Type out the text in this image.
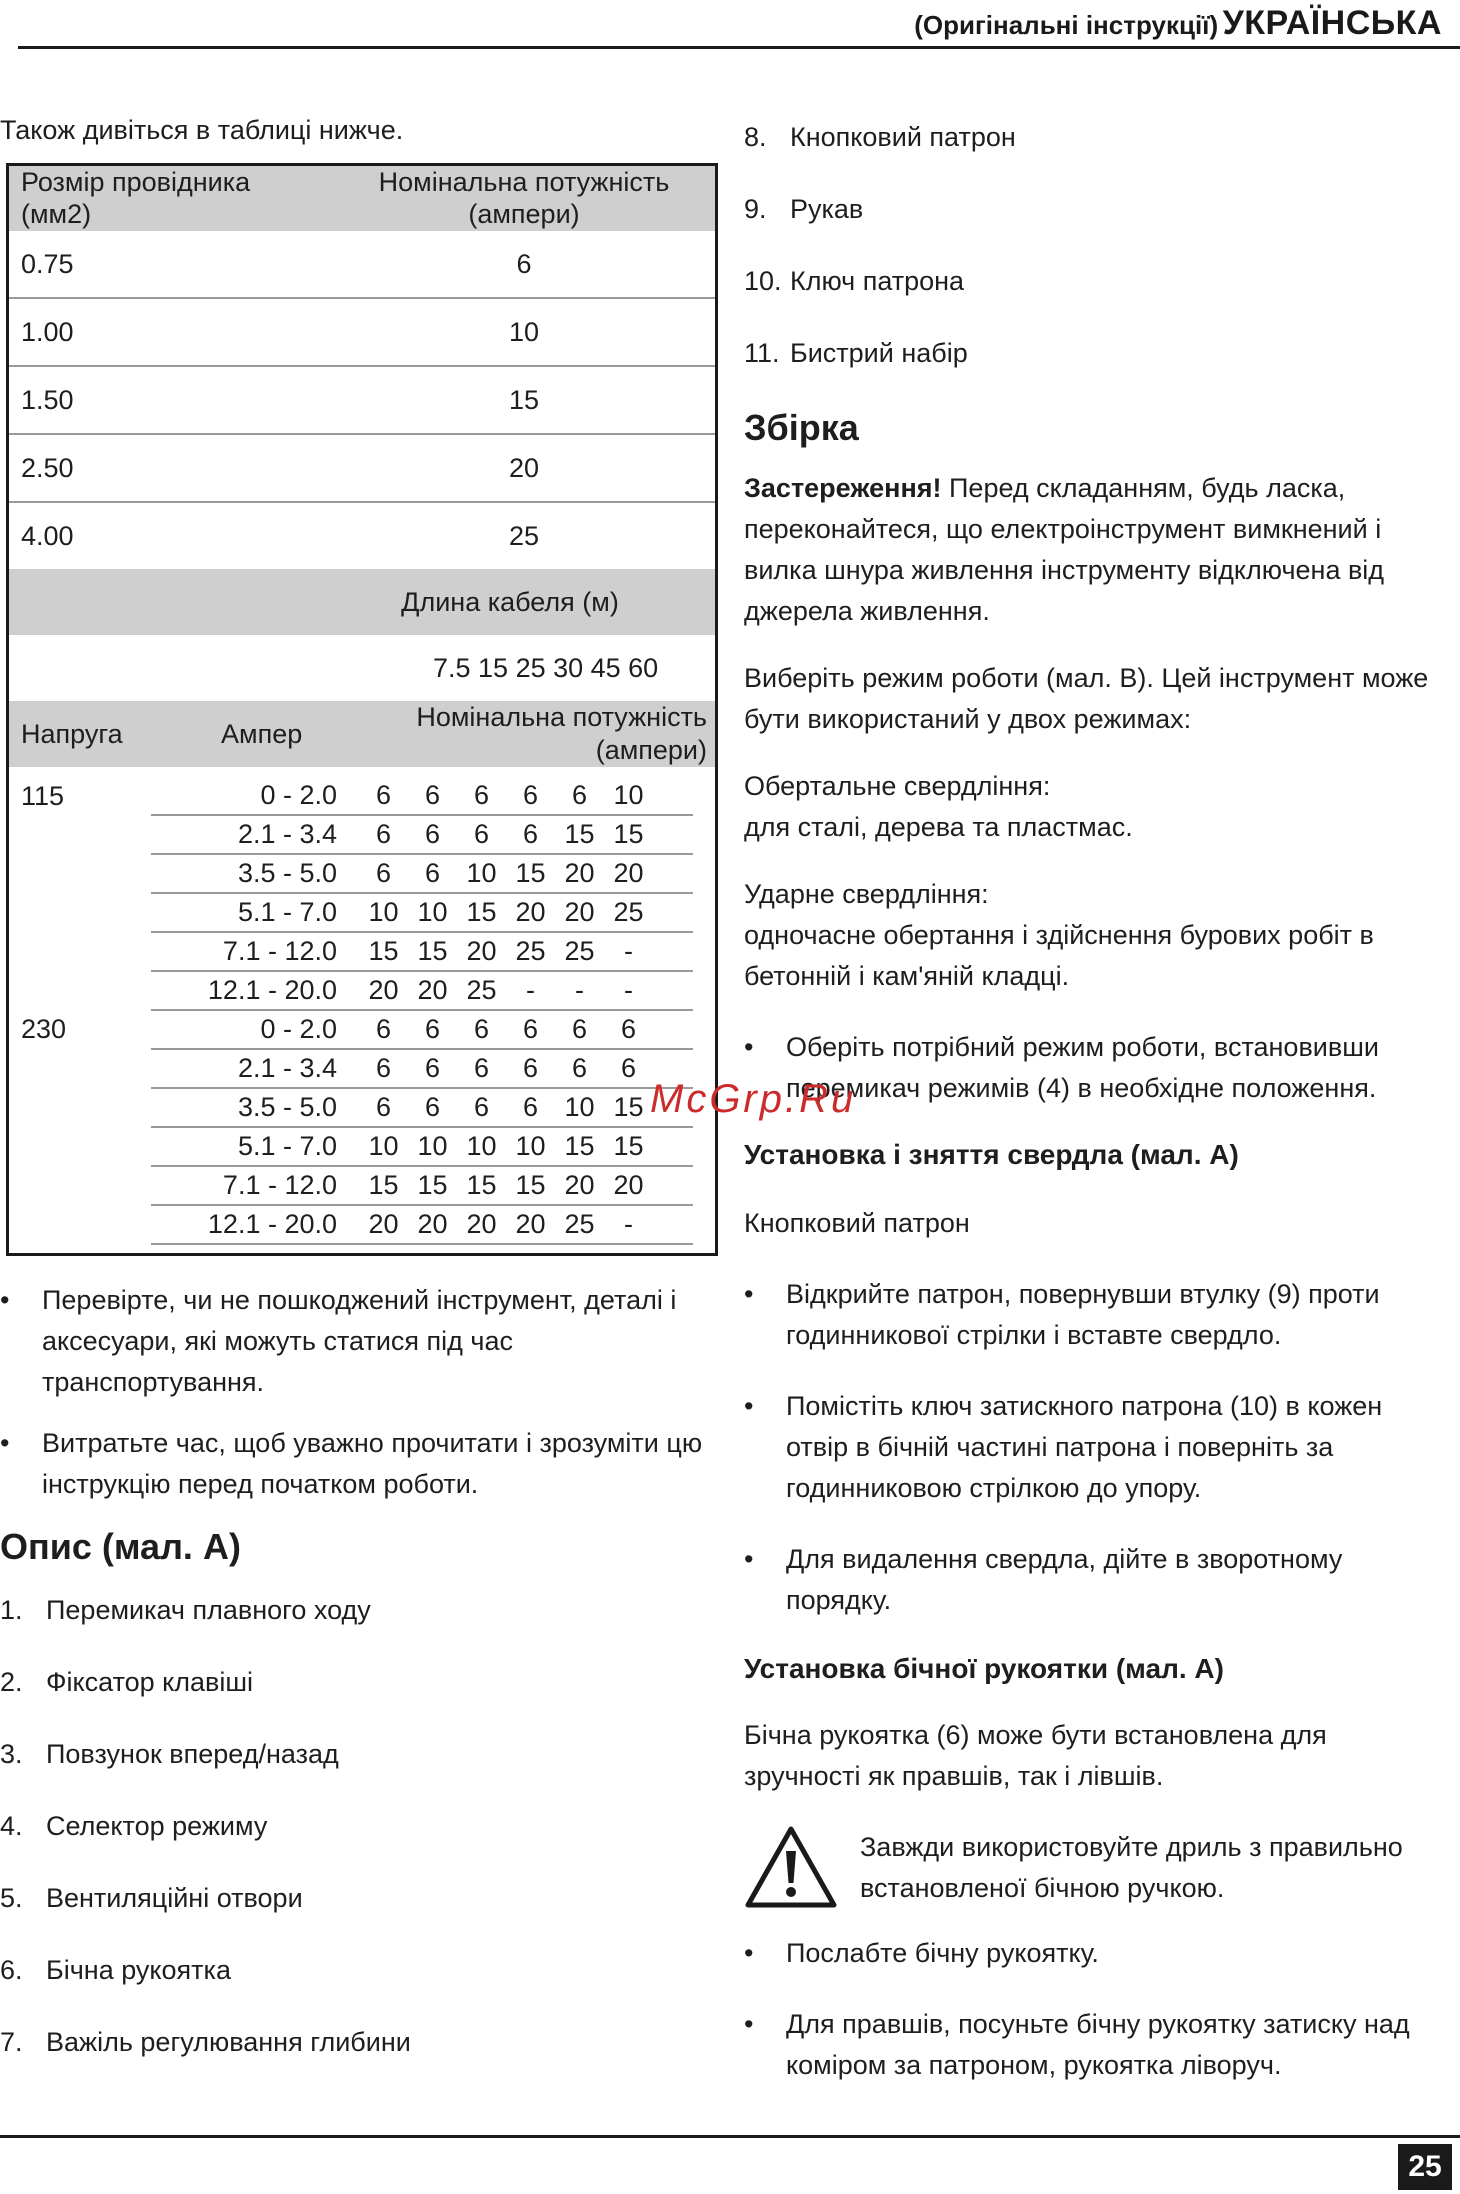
(Оригінальні інструкції) УКРАЇНСЬКА

Також дивіться в таблиці нижче.

Розмір провідника (мм2)	Номінальна потужність (ампери)
0.75	6
1.00	10
1.50	15
2.50	20
4.00	25
	Длина кабеля (м)
	7.5 15 25 30 45 60

Напруга	Ампер
Номінальна потужність (ампери)

115	0 - 2.0	6	6	6	6	6	10	
	2.1 - 3.4	6	6	6	6	15	15	
	3.5 - 5.0	6	6	10	15	20	20	
	5.1 - 7.0	10	10	15	20	20	25	
	7.1 - 12.0	15	15	20	25	25	-	
	12.1 - 20.0	20	20	25	-	-	-	
230	0 - 2.0	6	6	6	6	6	6	
	2.1 - 3.4	6	6	6	6	6	6	
	3.5 - 5.0	6	6	6	6	10	15	
	5.1 - 7.0	10	10	10	10	15	15	
	7.1 - 12.0	15	15	15	15	20	20	
	12.1 - 20.0	20	20	20	20	25	-	

• Перевірте, чи не пошкоджений інструмент, деталі і аксесуари, які можуть статися під час транспортування.

• Витратьте час, щоб уважно прочитати і зрозуміти цю інструкцію перед початком роботи.

Опис (мал. A)

1. Перемикач плавного ходу

2. Фіксатор клавіші

3. Повзунок вперед/назад

4. Селектор режиму

5. Вентиляційні отвори

6. Бічна рукоятка

7. Важіль регулювання глибини

8. Кнопковий патрон

9. Рукав

10. Ключ патрона

11. Бистрий набір

Збірка

Застереження! Перед складанням, будь ласка, переконайтеся, що електроінструмент вимкнений і вилка шнура живлення інструменту відключена від джерела живлення.

Виберіть режим роботи (мал. B). Цей інструмент може бути використаний у двох режимах:

Обертальне свердління:

для сталі, дерева та пластмас.

Ударне свердління:

одночасне обертання і здійснення бурових робіт в бетонній і кам'яній кладці.

• Оберіть потрібний режим роботи, встановивши перемикач режимів (4) в необхідне положення.

Установка і зняття свердла (мал. A)

Кнопковий патрон

• Відкрийте патрон, повернувши втулку (9) проти годинникової стрілки і вставте свердло.

• Помістіть ключ затискного патрона (10) в кожен отвір в бічній частині патрона і поверніть за годинниковою стрілкою до упору.

• Для видалення свердла, дійте в зворотному порядку.

Установка бічної рукоятки (мал. A)

Бічна рукоятка (6) може бути встановлена для зручності як правшів, так і лівшів.

Завжди використовуйте дриль з правильно встановленої бічною ручкою.

• Послабте бічну рукоятку.

• Для правшів, посуньте бічну рукоятку затиску над коміром за патроном, рукоятка ліворуч.

McGrp.Ru
25
